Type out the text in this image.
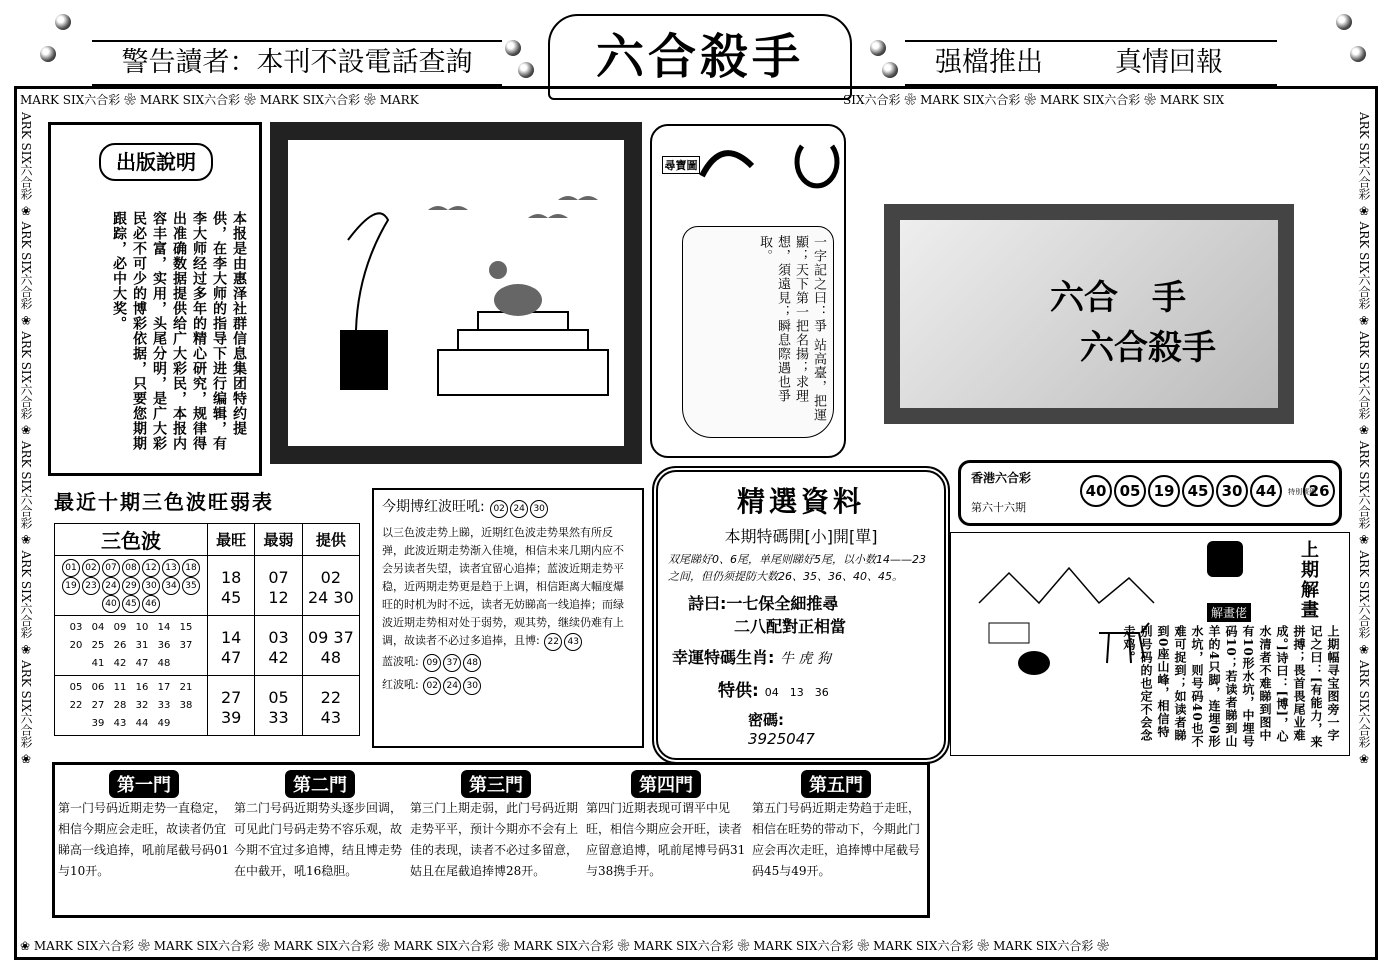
警告讀者：本刊不設電話查詢	六合殺手	强檔推出	真情回報
MARK SIX六合彩 ❀ MARK SIX六合彩 ❀ MARK SIX六合彩 ❀ MARK	SIX六合彩 ❀ MARK SIX六合彩 ❀ MARK SIX六合彩 ❀ MARK SIX
❀ MARK SIX六合彩 ❀ MARK SIX六合彩 ❀ MARK SIX六合彩 ❀ MARK SIX六合彩 ❀ MARK SIX六合彩 ❀ MARK SIX六合彩 ❀ MARK SIX六合彩 ❀ MARK SIX六合彩 ❀ MARK SIX六合彩 ❀
ARK SIX六合彩 ❀ ARK SIX六合彩 ❀ ARK SIX六合彩 ❀ ARK SIX六合彩 ❀ ARK SIX六合彩 ❀ ARK SIX六合彩 ❀	ARK SIX六合彩 ❀ ARK SIX六合彩 ❀ ARK SIX六合彩 ❀ ARK SIX六合彩 ❀ ARK SIX六合彩 ❀ ARK SIX六合彩 ❀
出版說明
本报是由惠泽社群信息集团特约提供，在李大师的指导下进行编辑，有李大师经过多年的精心研究，规律得出准确数据提供给广大彩民，本报内容丰富，实用，头尾分明，是广大彩民必不可少的博彩依据，只要您期期跟踪，必中大奖。
尋寶圖
一字記之曰：爭 站高臺，把運顯；天下第一把名揚；求理想，須遠見；瞬息際遇也爭取。
六合　手
六合殺手
最近十期三色波旺弱表
三色波	最旺	最弱	提供
01 02 07 08 12 13 1819 23 24 29 30 34 3540 45 46	18　45	07　12	02　24 30
03 04 09 10 14 1520 25 26 31 36 3741 42 47 48	14　47	03　42	09 37　48
05 06 11 16 17 2122 27 28 32 33 3839 43 44 49	27　39	05　33	22　43
今期博红波旺吼: 02 24 30
以三色波走势上睇，近期红色波走势果然有所反弹，此波近期走势渐入佳境，相信未来几期内应不会另读者失望，读者宜留心追捧；蓝波近期走势平稳，近两期走势更是趋于上调，相信距离大幅度爆旺的时机为时不远，读者无妨睇高一线追捧；而绿波近期走势相对处于弱势，观其势，继续仍难有上调，故读者不必过多追捧，且博: 22 43
蓝波吼: 09 37 48
红波吼: 02 24 30
精選資料
本期特碼開[小]開[單]
双尾睇好0、6尾，单尾则睇好5尾，以小数14——23之间，但仍须提防大数26、35、36、40、45。
詩曰:一七保全細推尋
二八配對正相當
幸運特碼生肖: 牛 虎 狗
特供: 04　13　36
密碼: 3925047
香港六合彩
第六十六期
40 05 19 45 30 44 特別號碼26
上期解畫
解畫佬
上期幅寻宝图旁一字记之曰：[有能力，来拼搏；畏首畏尾业难成。]诗曰：[博]，心水清者不难睇到图中有10形水坑，中埋号码10；若读者睇到山羊的4只脚，连埋0形水坑，则号码40也不难可捉到；如读者睇到0座山峰，相信特别号码的也定不会念走鸡。
第一門
第一门号码近期走势一直稳定，相信今期应会走旺，故读者仍宜睇高一线追捧，吼前尾截号码01与10开。
第二門
第二门号码近期势头逐步回调，可见此门号码走势不容乐观，故今期不宜过多追博，结且博走势在中截开，吼16稳胆。
第三門
第三门上期走弱，此门号码近期走势平平，预计今期亦不会有上佳的表现，读者不必过多留意，姑且在尾截追捧博28开。
第四門
第四门近期表现可谓平中见旺，相信今期应会开旺，读者应留意追博，吼前尾博号码31与38携手开。
第五門
第五门号码近期走势趋于走旺，相信在旺势的带动下，今期此门应会再次走旺，追捧博中尾截号码45与49开。
